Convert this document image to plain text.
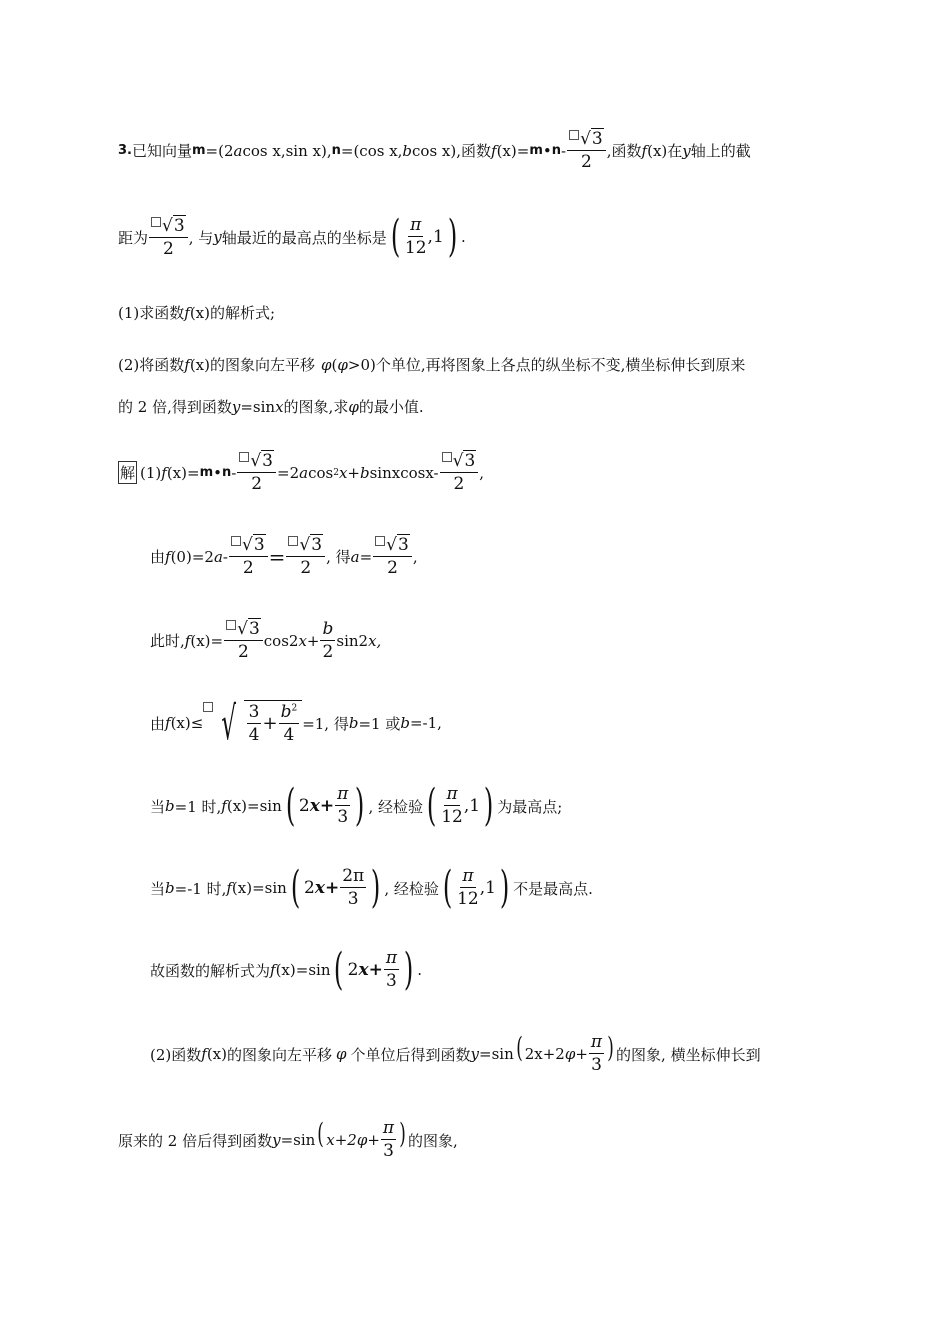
3. 已知向量 m =(2 a cos x,sin x), n =(cos x, b cos x),函数 f (x) = m • n - $\frac{√3}{2}$ ,函数 f (x) 在 y 轴上的截
距为 $\frac{√3}{2}$ , 与 y 轴最近的最高点的坐标是 ( $\frac{\pi}{12}$ , 1 ) .
(1)求函数 f (x) 的解析式;
(2)将函数 f (x) 的图象向左平移 φ ( φ >0)个单位,再将图象上各点的纵坐标不变,横坐标伸长到原来
的 2 倍,得到函数 y =sin x 的图象,求 φ 的最小值.
解 (1) f (x) = m • $n - \frac{√3}{2} =2$ a cos 2 x+ b sinxcosx- $\frac{√3}{2}$ ,
由 f (0)=2 $a - \frac{√3}{2} = \frac{√3}{2}$ , 得 $a = \frac{√3}{2}$ ,
此时, f $(x) = \frac{√3}{2} \cos 2$ $x+ \frac{b}{2} \sin 2$ x,
由 f (x) ≤ √ $\frac{3}{4} + \frac{b^2}{4} =1$, 得 b =1 或 b =-1,
当 b =1 时, f (x) =sin ( 2 $x+ \frac{\pi}{3}$ ) , 经检验 ( $\frac{\pi}{12}$ , 1 ) 为最高点;
当 b =-1 时, f (x) =sin ( 2 $x+ \frac{2\pi}{3}$ ) , 经检验 ( $\frac{\pi}{12}$ , 1 ) 不是最高点.
故函数的解析式为 f (x) =sin ( 2 $x+ \frac{\pi}{3}$ ) .
(2)函数 f (x) 的图象向左平移 φ 个单位后得到函数 y =sin ( 2x+2 $\varphi + \frac{\pi}{3}$ ) 的图象, 横坐标伸长到
原来的 2 倍后得到函数 y =sin ( x+2 $\varphi + \frac{\pi}{3}$ ) 的图象,
